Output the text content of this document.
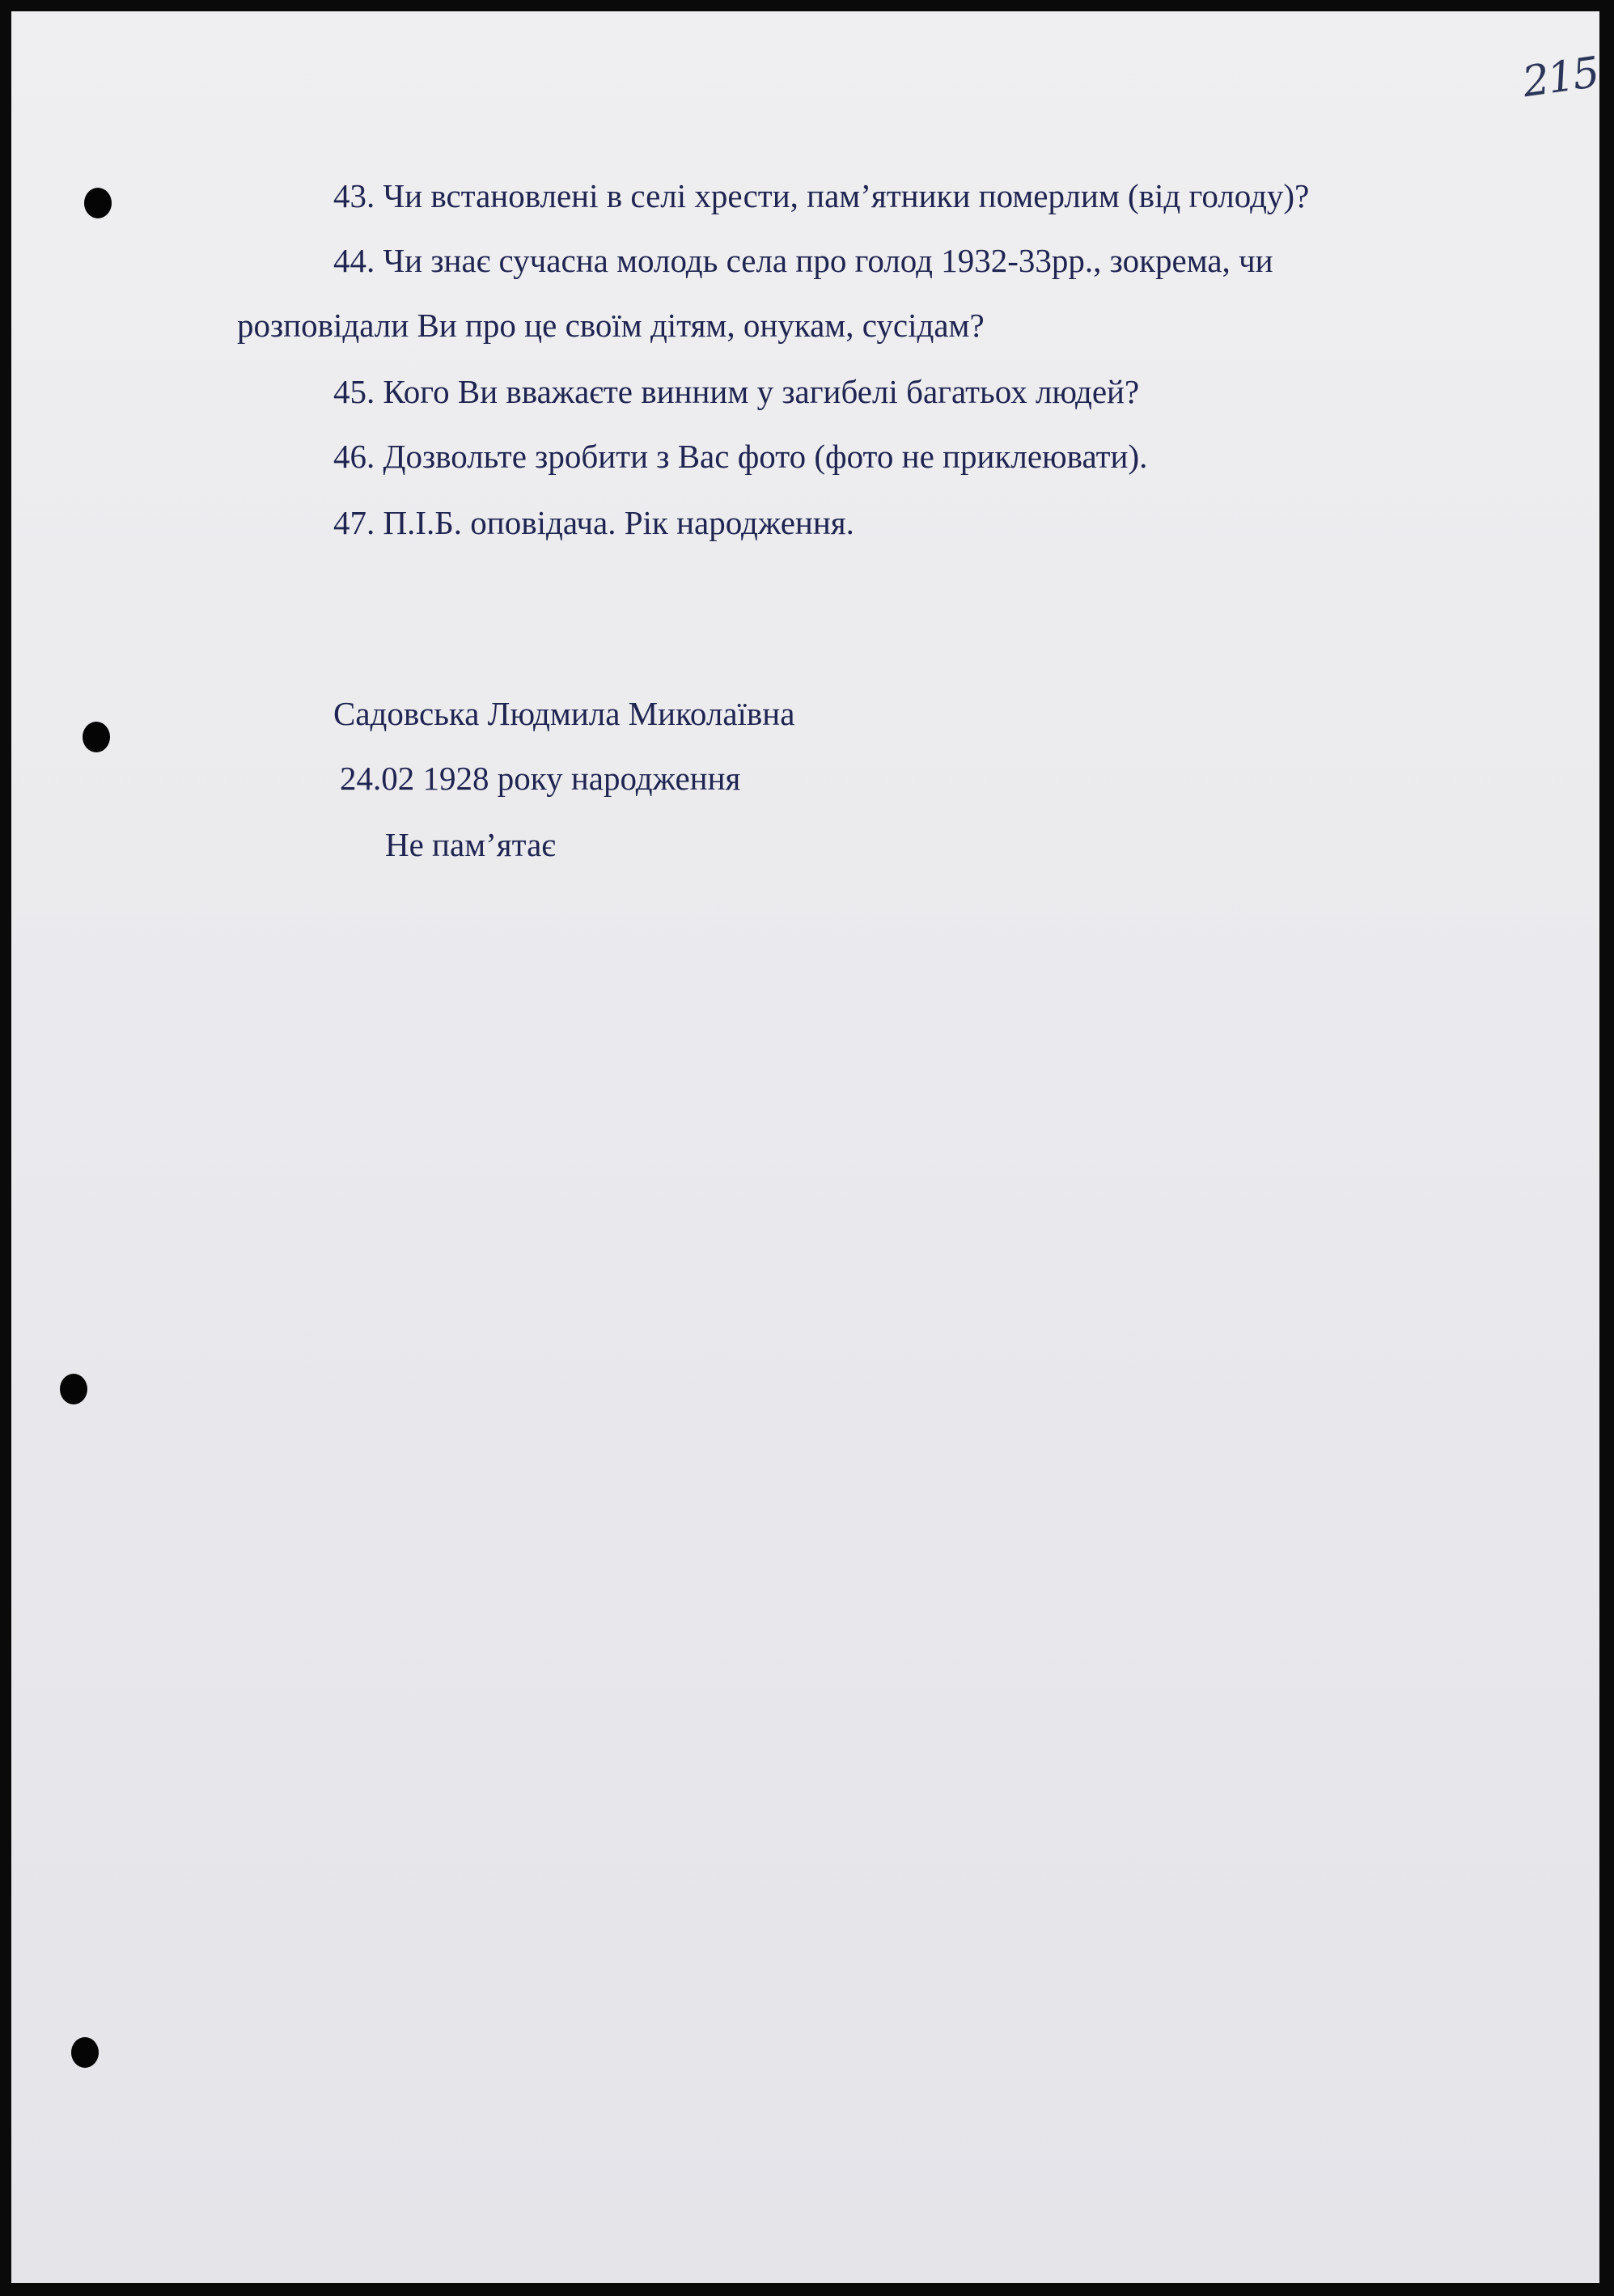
215
43. Чи встановлені в селі хрести, пам’ятники померлим (від голоду)?
44. Чи знає сучасна молодь села про голод 1932-33рр., зокрема, чи
розповідали Ви про це своїм дітям, онукам, сусідам?
45. Кого Ви вважаєте винним у загибелі багатьох людей?
46. Дозвольте зробити з Вас фото (фото не приклеювати).
47. П.І.Б. оповідача. Рік народження.
Садовська Людмила Миколаївна
24.02 1928 року народження
Не пам’ятає
